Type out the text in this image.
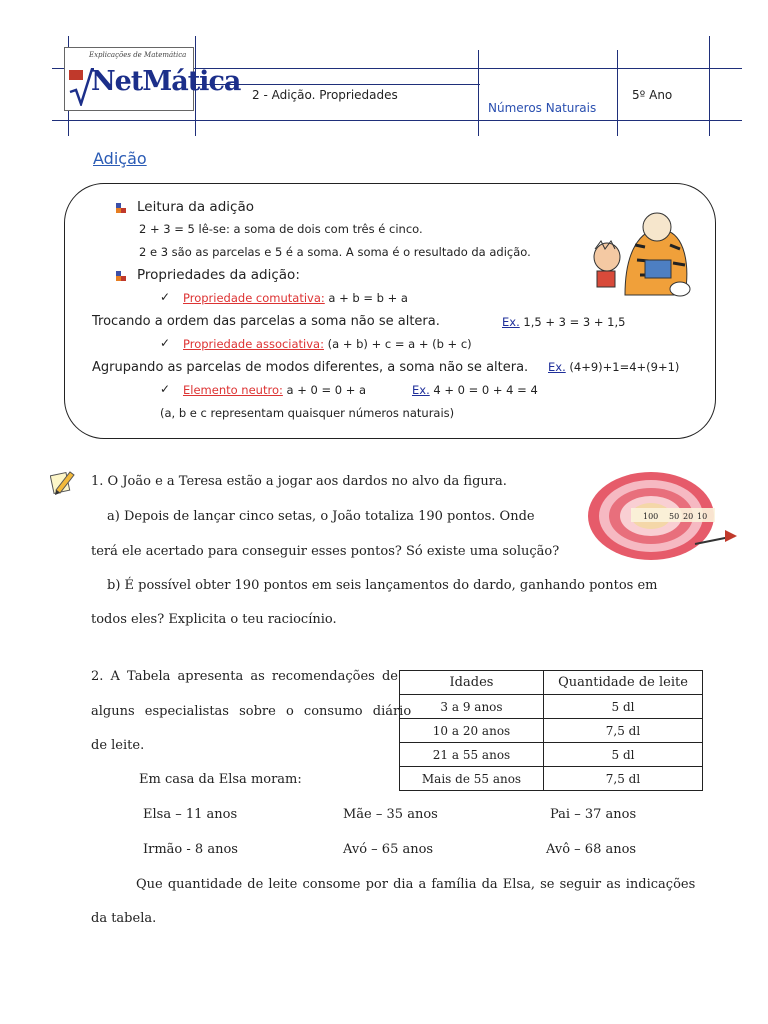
Explicações de Matemática
NetMática 2 - Adição. Propriedades
Números Naturais
5º Ano
Adição
Leitura da adição
2 + 3 = 5 lê-se: a soma de dois com três é cinco.
2 e 3 são as parcelas e 5 é a soma. A soma é o resultado da adição.
Propriedades da adição:
✓ Propriedade comutativa: a + b = b + a
Trocando a ordem das parcelas a soma não se altera.	Ex. 1,5 + 3 = 3 + 1,5
✓ Propriedade associativa: (a + b) + c = a + (b + c)
Agrupando as parcelas de modos diferentes, a soma não se altera. Ex. (4+9)+1=4+(9+1)
✓ Elemento neutro: a + 0 = 0 + a	Ex. 4 + 0 = 0 + 4 = 4
(a, b e c representam quaisquer números naturais)
1. O João e a Teresa estão a jogar aos dardos no alvo da figura.
a) Depois de lançar cinco setas, o João totaliza 190 pontos. Onde
terá ele acertado para conseguir esses pontos? Só existe uma solução?
b) É possível obter 190 pontos em seis lançamentos do dardo, ganhando pontos em
todos eles? Explicita o teu raciocínio.
100 50 20 10
2. A Tabela apresenta as recomendações de
alguns especialistas sobre o consumo diário
de leite.
Em casa da Elsa moram:
Elsa – 11 anos	Mãe – 35 anos	Pai – 37 anos
Irmão - 8 anos	Avó – 65 anos	Avô – 68 anos
Que quantidade de leite consome por dia a família da Elsa, se seguir as indicações
da tabela.
Idades	Quantidade de leite
3 a 9 anos	5 dl
10 a 20 anos	7,5 dl
21 a 55 anos	5 dl
Mais de 55 anos	7,5 dl
